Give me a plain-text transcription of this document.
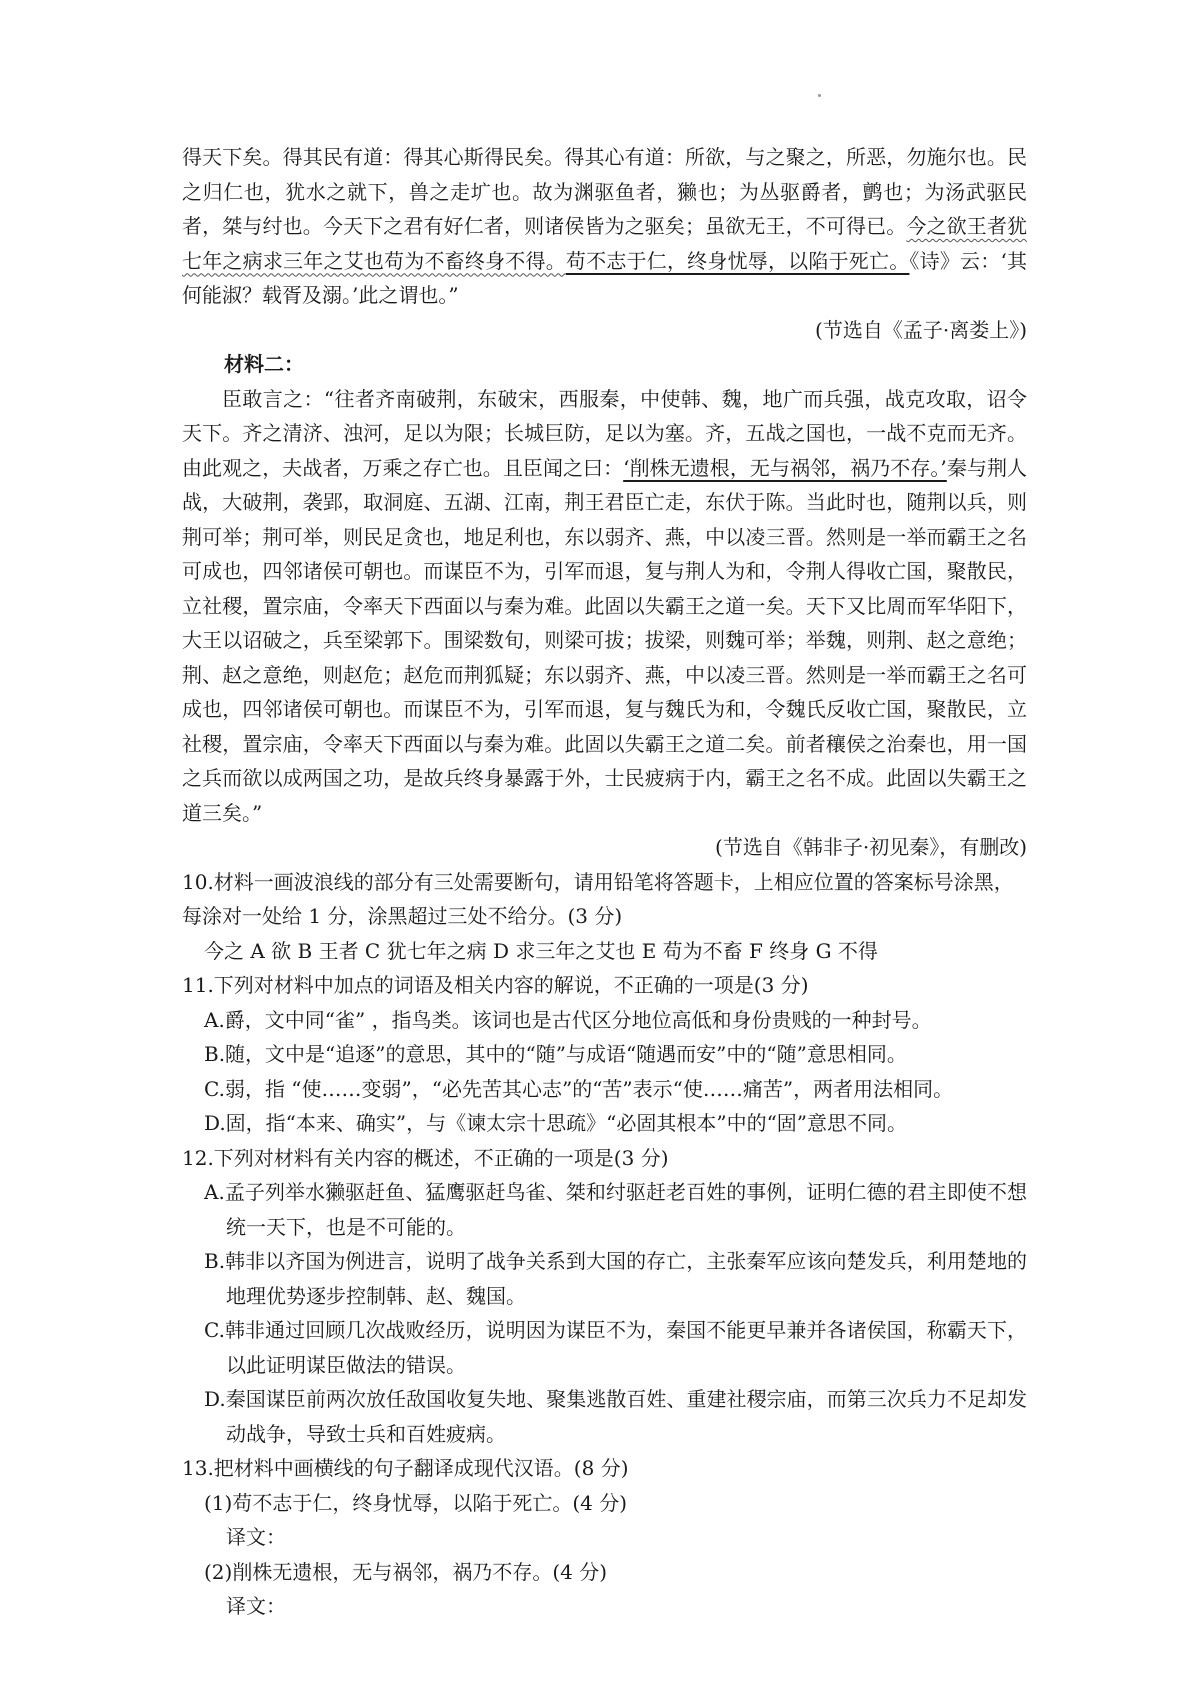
得天下矣。得其民有道：得其心斯得民矣。得其心有道：所欲，与之聚之，所恶，勿施尔也。民之归仁也，犹水之就下，兽之走圹也。故为渊驱鱼者，獭也；为丛驱爵者，鹯也；为汤武驱民者，桀与纣也。今天下之君有好仁者，则诸侯皆为之驱矣；虽欲无王，不可得已。今之欲王者犹七年之病求三年之艾也苟为不畜终身不得。苟不志于仁，终身忧辱，以陷于死亡。《诗》云：‘其何能淑？载胥及溺。’此之谓也。”

(节选自《孟子·离娄上》)

材料二：

臣敢言之：“往者齐南破荆，东破宋，西服秦，中使韩、魏，地广而兵强，战克攻取，诏令天下。齐之清济、浊河，足以为限；长城巨防，足以为塞。齐，五战之国也，一战不克而无齐。由此观之，夫战者，万乘之存亡也。且臣闻之曰：‘削株无遗根，无与祸邻，祸乃不存。’秦与荆人战，大破荆，袭郢，取洞庭、五湖、江南，荆王君臣亡走，东伏于陈。当此时也，随荆以兵，则荆可举；荆可举，则民足贪也，地足利也，东以弱齐、燕，中以凌三晋。然则是一举而霸王之名可成也，四邻诸侯可朝也。而谋臣不为，引军而退，复与荆人为和，令荆人得收亡国，聚散民，立社稷，置宗庙，令率天下西面以与秦为难。此固以失霸王之道一矣。天下又比周而军华阳下，大王以诏破之，兵至梁郭下。围梁数旬，则梁可拔；拔梁，则魏可举；举魏，则荆、赵之意绝；荆、赵之意绝，则赵危；赵危而荆狐疑；东以弱齐、燕，中以凌三晋。然则是一举而霸王之名可成也，四邻诸侯可朝也。而谋臣不为，引军而退，复与魏氏为和，令魏氏反收亡国，聚散民，立社稷，置宗庙，令率天下西面以与秦为难。此固以失霸王之道二矣。前者穰侯之治秦也，用一国之兵而欲以成两国之功，是故兵终身暴露于外，士民疲病于内，霸王之名不成。此固以失霸王之道三矣。”

(节选自《韩非子·初见秦》，有删改)

10.材料一画波浪线的部分有三处需要断句，请用铅笔将答题卡，上相应位置的答案标号涂黑，每涂对一处给 1 分，涂黑超过三处不给分。(3 分)

今之 A 欲 B 王者 C 犹七年之病 D 求三年之艾也 E 苟为不畜 F 终身 G 不得

11.下列对材料中加点的词语及相关内容的解说，不正确的一项是(3 分)

A.爵，文中同“雀” ，指鸟类。该词也是古代区分地位高低和身份贵贱的一种封号。

B.随，文中是“追逐”的意思，其中的“随”与成语“随遇而安”中的“随”意思相同。

C.弱，指 “使……变弱”，“必先苦其心志”的“苦”表示“使……痛苦”，两者用法相同。

D.固，指“本来、确实”，与《谏太宗十思疏》“必固其根本”中的“固”意思不同。

12.下列对材料有关内容的概述，不正确的一项是(3 分)

A.孟子列举水獭驱赶鱼、猛鹰驱赶鸟雀、桀和纣驱赶老百姓的事例，证明仁德的君主即使不想统一天下，也是不可能的。

B.韩非以齐国为例进言，说明了战争关系到大国的存亡，主张秦军应该向楚发兵，利用楚地的地理优势逐步控制韩、赵、魏国。

C.韩非通过回顾几次战败经历，说明因为谋臣不为，秦国不能更早兼并各诸侯国，称霸天下，以此证明谋臣做法的错误。

D.秦国谋臣前两次放任敌国收复失地、聚集逃散百姓、重建社稷宗庙，而第三次兵力不足却发动战争，导致士兵和百姓疲病。

13.把材料中画横线的句子翻译成现代汉语。(8 分)

(1)苟不志于仁，终身忧辱，以陷于死亡。(4 分)

译文：

(2)削株无遗根，无与祸邻，祸乃不存。(4 分)

译文：
